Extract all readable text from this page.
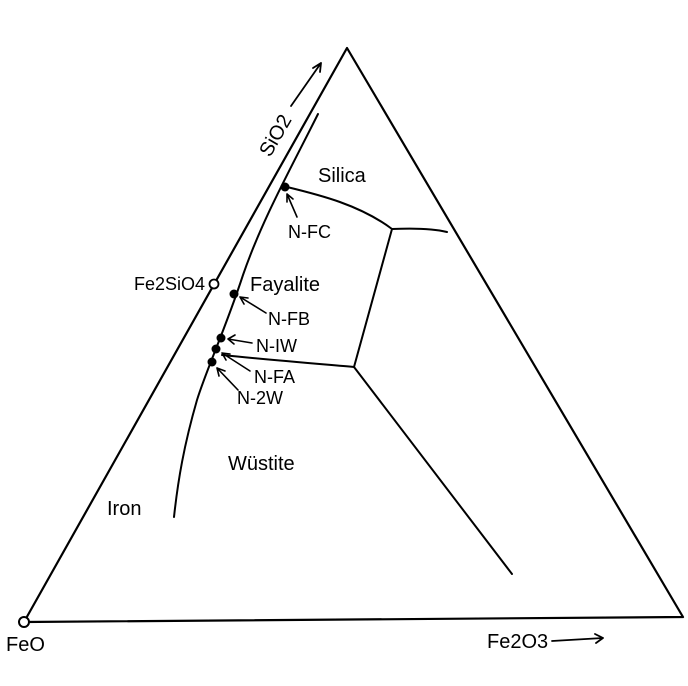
SiO2
Fe2O3
FeO
Fe2SiO4
Silica
Fayalite
Wüstite
Iron
N-FC
N-FB
N-IW
N-FA
N-2W
